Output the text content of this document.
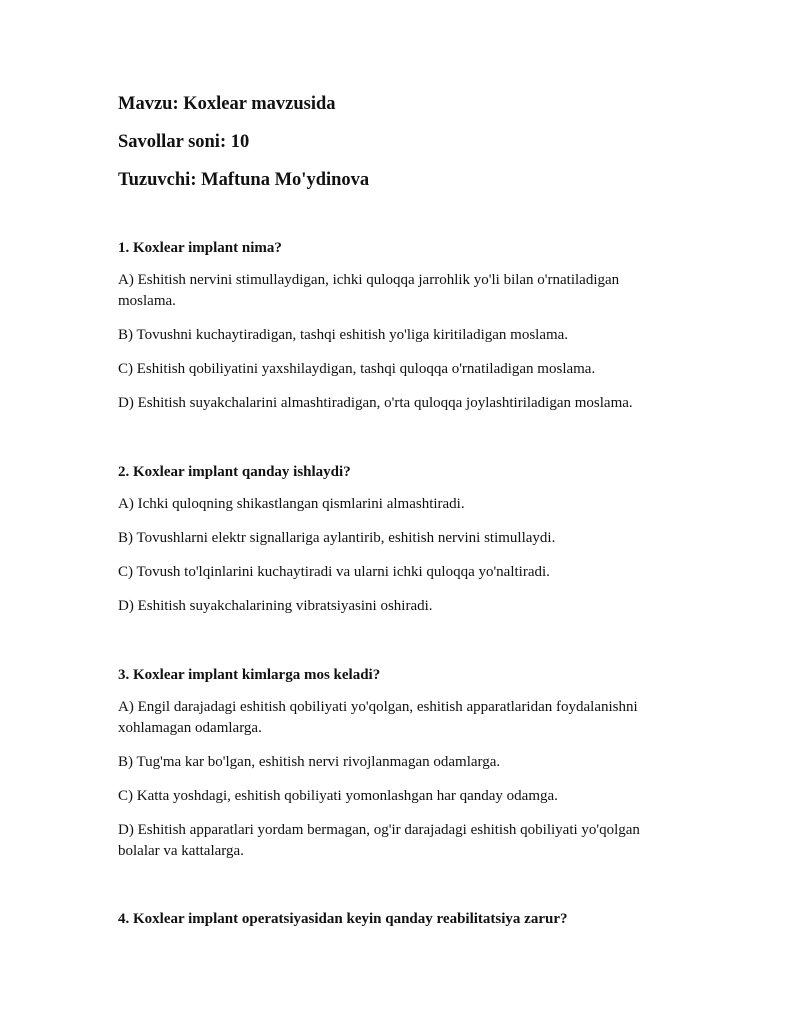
Mavzu: Koxlear mavzusida

Savollar soni: 10

Tuzuvchi: Maftuna Mo'ydinova

1. Koxlear implant nima?

A) Eshitish nervini stimullaydigan, ichki quloqqa jarrohlik yo'li bilan o'rnatiladigan moslama.

B) Tovushni kuchaytiradigan, tashqi eshitish yo'liga kiritiladigan moslama.

C) Eshitish qobiliyatini yaxshilaydigan, tashqi quloqqa o'rnatiladigan moslama.

D) Eshitish suyakchalarini almashtiradigan, o'rta quloqqa joylashtiriladigan moslama.

2. Koxlear implant qanday ishlaydi?

A) Ichki quloqning shikastlangan qismlarini almashtiradi.

B) Tovushlarni elektr signallariga aylantirib, eshitish nervini stimullaydi.

C) Tovush to'lqinlarini kuchaytiradi va ularni ichki quloqqa yo'naltiradi.

D) Eshitish suyakchalarining vibratsiyasini oshiradi.

3. Koxlear implant kimlarga mos keladi?

A) Engil darajadagi eshitish qobiliyati yo'qolgan, eshitish apparatlaridan foydalanishni xohlamagan odamlarga.

B) Tug'ma kar bo'lgan, eshitish nervi rivojlanmagan odamlarga.

C) Katta yoshdagi, eshitish qobiliyati yomonlashgan har qanday odamga.

D) Eshitish apparatlari yordam bermagan, og'ir darajadagi eshitish qobiliyati yo'qolgan bolalar va kattalarga.

4. Koxlear implant operatsiyasidan keyin qanday reabilitatsiya zarur?
